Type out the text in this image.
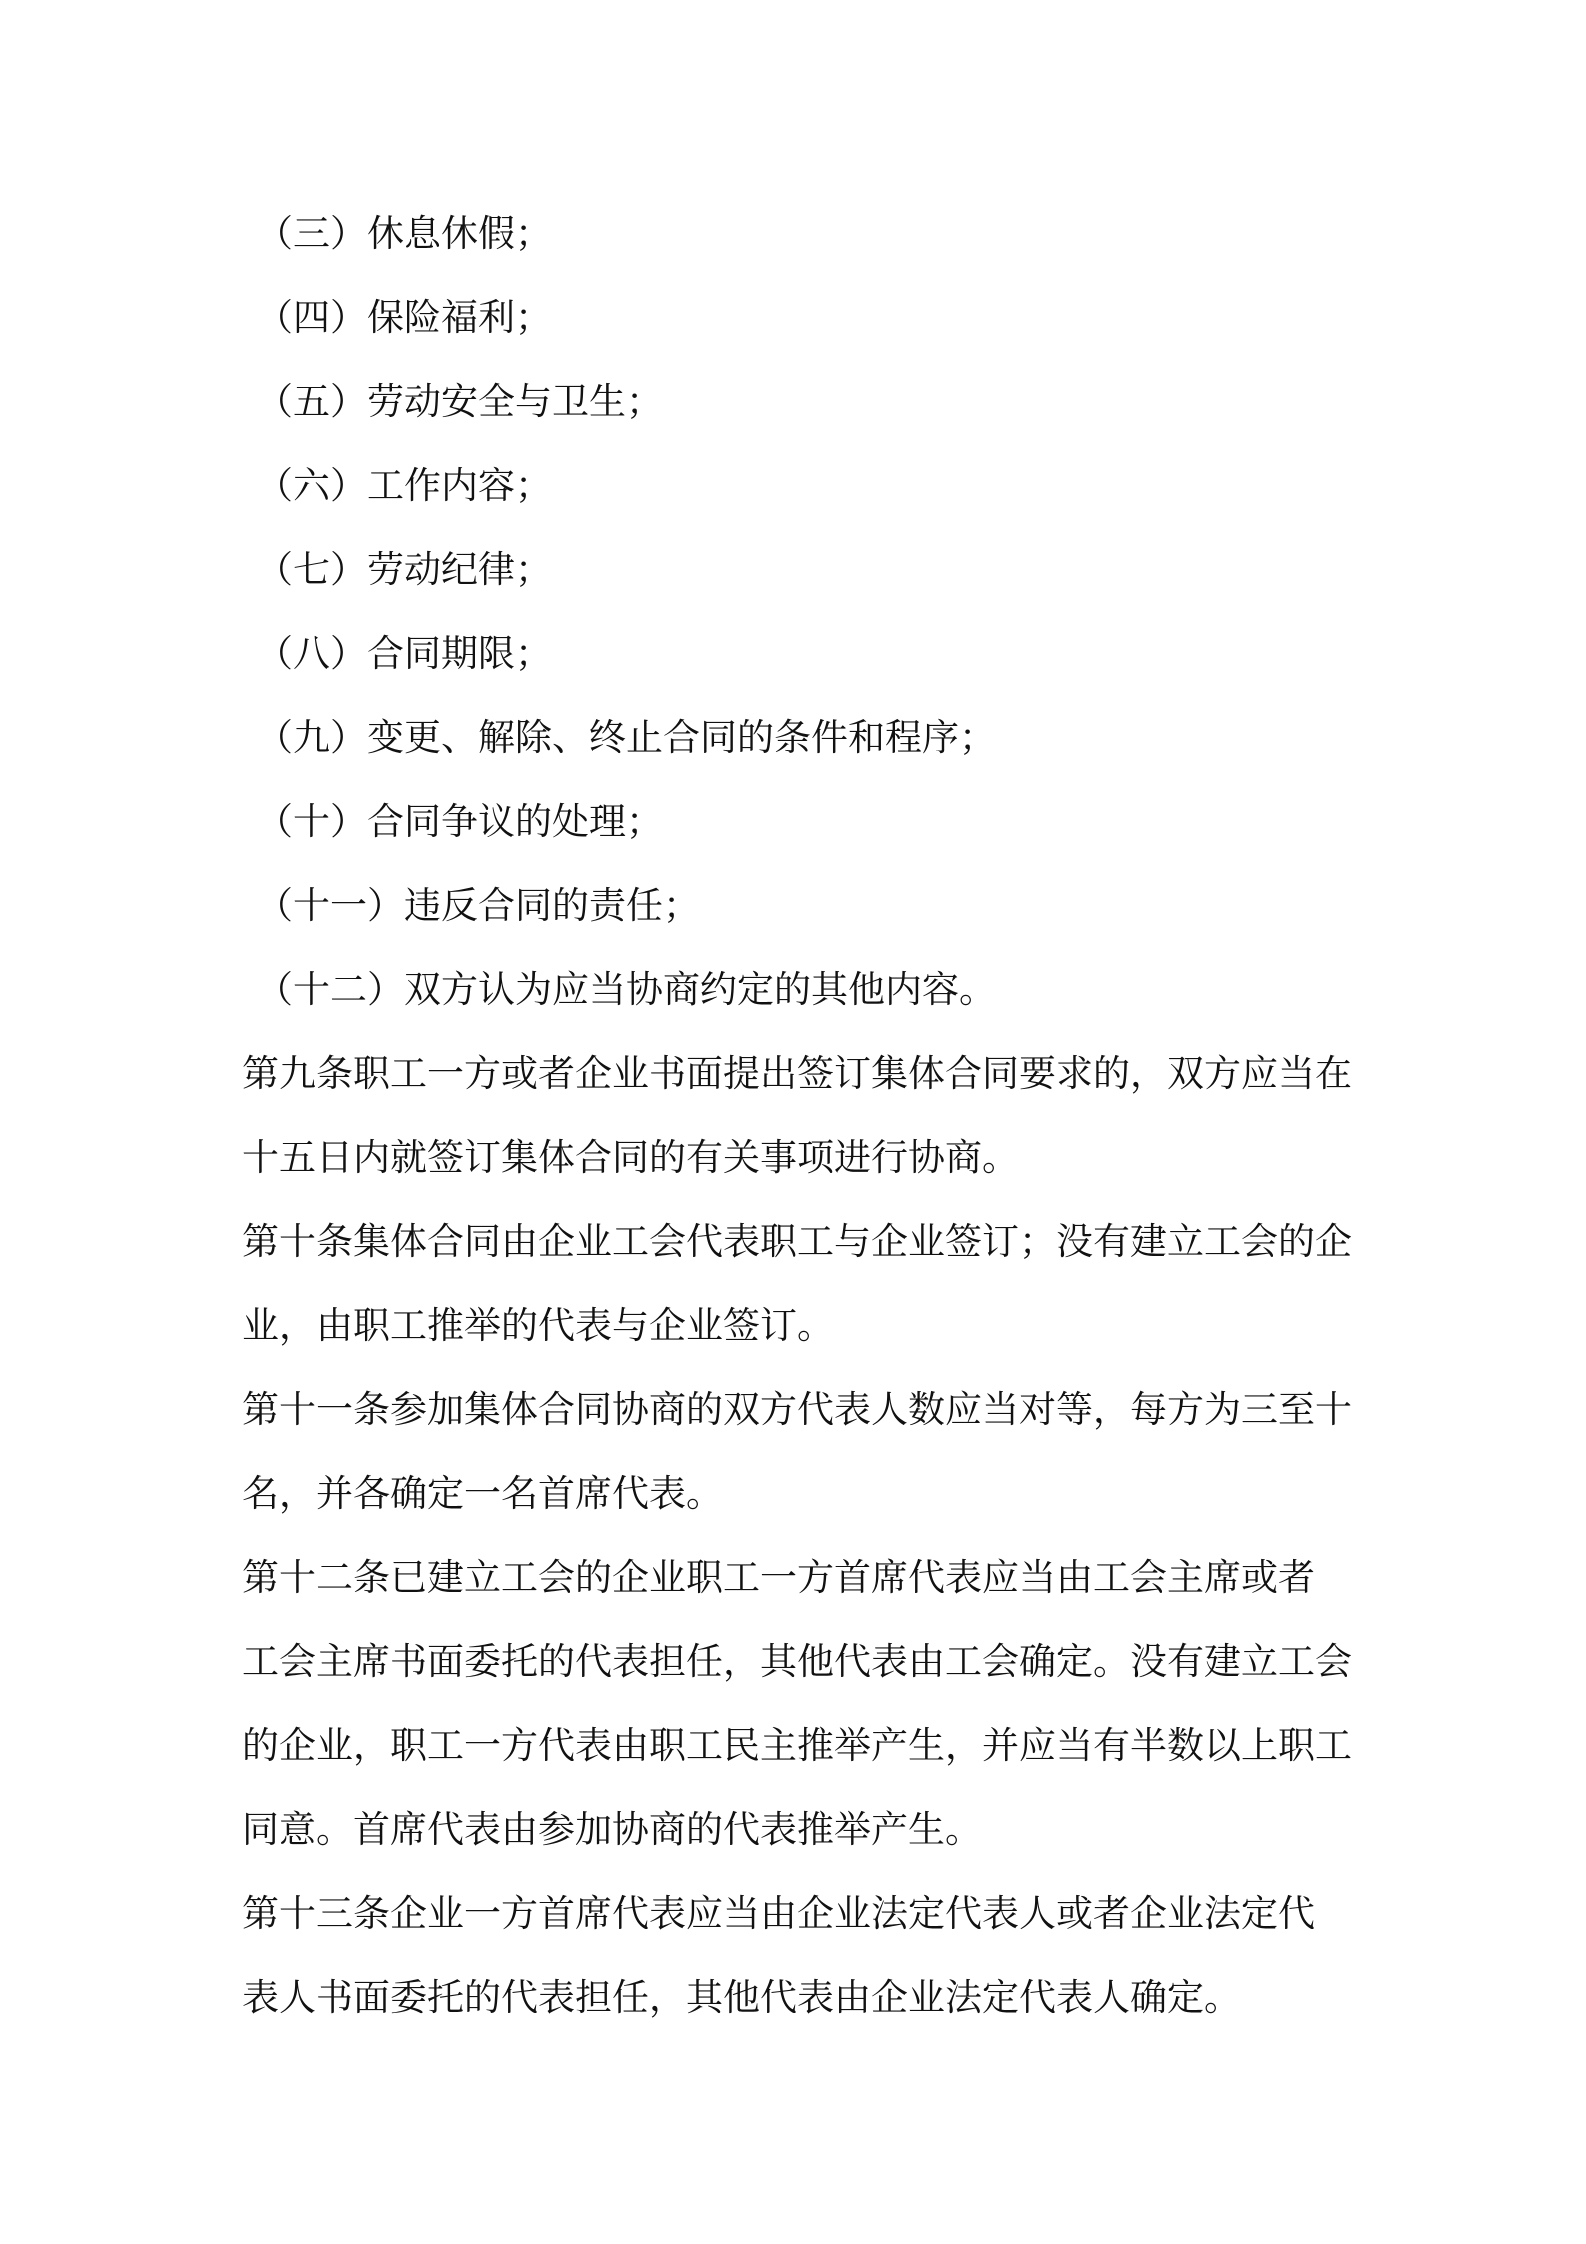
（三）休息休假；
（四）保险福利；
（五）劳动安全与卫生；
（六）工作内容；
（七）劳动纪律；
（八）合同期限；
（九）变更、解除、终止合同的条件和程序；
（十）合同争议的处理；
（十一）违反合同的责任；
（十二）双方认为应当协商约定的其他内容。
第九条职工一方或者企业书面提出签订集体合同要求的，双方应当在
十五日内就签订集体合同的有关事项进行协商。
第十条集体合同由企业工会代表职工与企业签订；没有建立工会的企
业，由职工推举的代表与企业签订。
第十一条参加集体合同协商的双方代表人数应当对等，每方为三至十
名，并各确定一名首席代表。
第十二条已建立工会的企业职工一方首席代表应当由工会主席或者
工会主席书面委托的代表担任，其他代表由工会确定。没有建立工会
的企业，职工一方代表由职工民主推举产生，并应当有半数以上职工
同意。首席代表由参加协商的代表推举产生。
第十三条企业一方首席代表应当由企业法定代表人或者企业法定代
表人书面委托的代表担任，其他代表由企业法定代表人确定。
